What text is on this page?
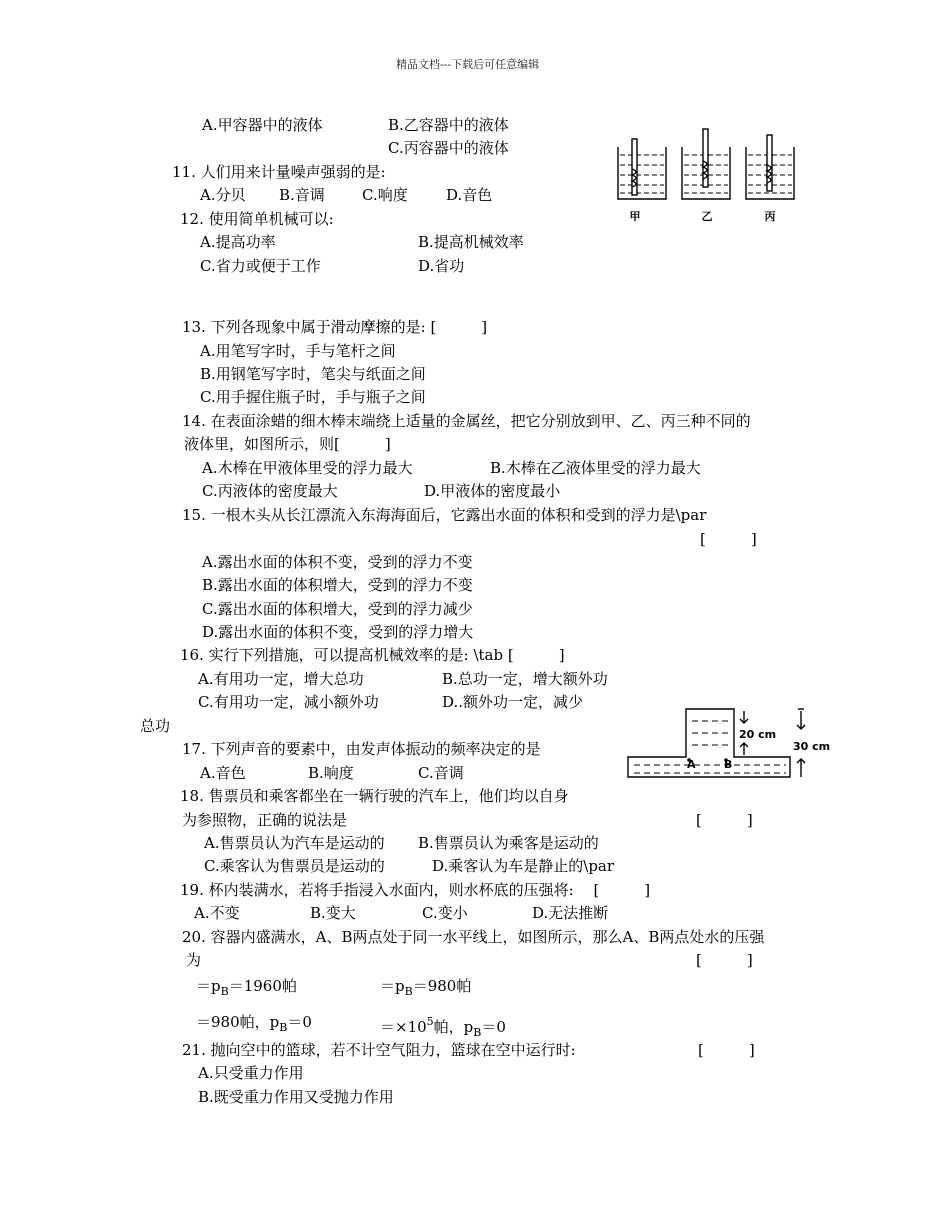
精品文档---下载后可任意编辑
A.甲容器中的液体	B.乙容器中的液体
C.丙容器中的液体
11. 人们用来计量噪声强弱的是:
A.分贝 B.音调 C.响度	D.音色
12. 使用简单机械可以:
A.提高功率	B.提高机械效率
C.省力或便于工作	D.省功
13. 下列各现象中属于滑动摩擦的是: [　　　]
A.用笔写字时，手与笔杆之间
B.用钢笔写字时，笔尖与纸面之间
C.用手握住瓶子时，手与瓶子之间
14. 在表面涂蜡的细木棒末端绕上适量的金属丝，把它分别放到甲、乙、丙三种不同的
液体里，如图所示，则[　　　]
A.木棒在甲液体里受的浮力最大	B.木棒在乙液体里受的浮力最大
C.丙液体的密度最大	D.甲液体的密度最小
15. 一根木头从长江漂流入东海海面后，它露出水面的体积和受到的浮力是\par
[　　　]
A.露出水面的体积不变，受到的浮力不变
B.露出水面的体积增大，受到的浮力不变
C.露出水面的体积增大，受到的浮力减少
D.露出水面的体积不变，受到的浮力增大
16. 实行下列措施，可以提高机械效率的是: \tab [　　　]
A.有用功一定，增大总功	B.总功一定，增大额外功
C.有用功一定，减小额外功	D..额外功一定，减少
总功
17. 下列声音的要素中，由发声体振动的频率决定的是
A.音色	B.响度	C.音调
18. 售票员和乘客都坐在一辆行驶的汽车上，他们均以自身
为参照物，正确的说法是	[　　　]
A.售票员认为汽车是运动的 B.售票员认为乘客是运动的
C.乘客认为售票员是运动的	D.乘客认为车是静止的\par
19. 杯内装满水，若将手指浸入水面内，则水杯底的压强将: 　[　　　]
A.不变	B.变大	C.变小	D.无法推断
20. 容器内盛满水，A、B两点处于同一水平线上，如图所示，那么A、B两点处水的压强
为	[　　　]
$=p_B=1960$帕	$=p_B=980$帕
＝980帕，$p_B=0$	$=\times 10^5$帕，$p_B=0$
21. 抛向空中的篮球，若不计空气阻力，篮球在空中运行时:	[　　　]
A.只受重力作用
B.既受重力作用又受抛力作用
甲	乙	丙
20 cm
30 cm
A	B
